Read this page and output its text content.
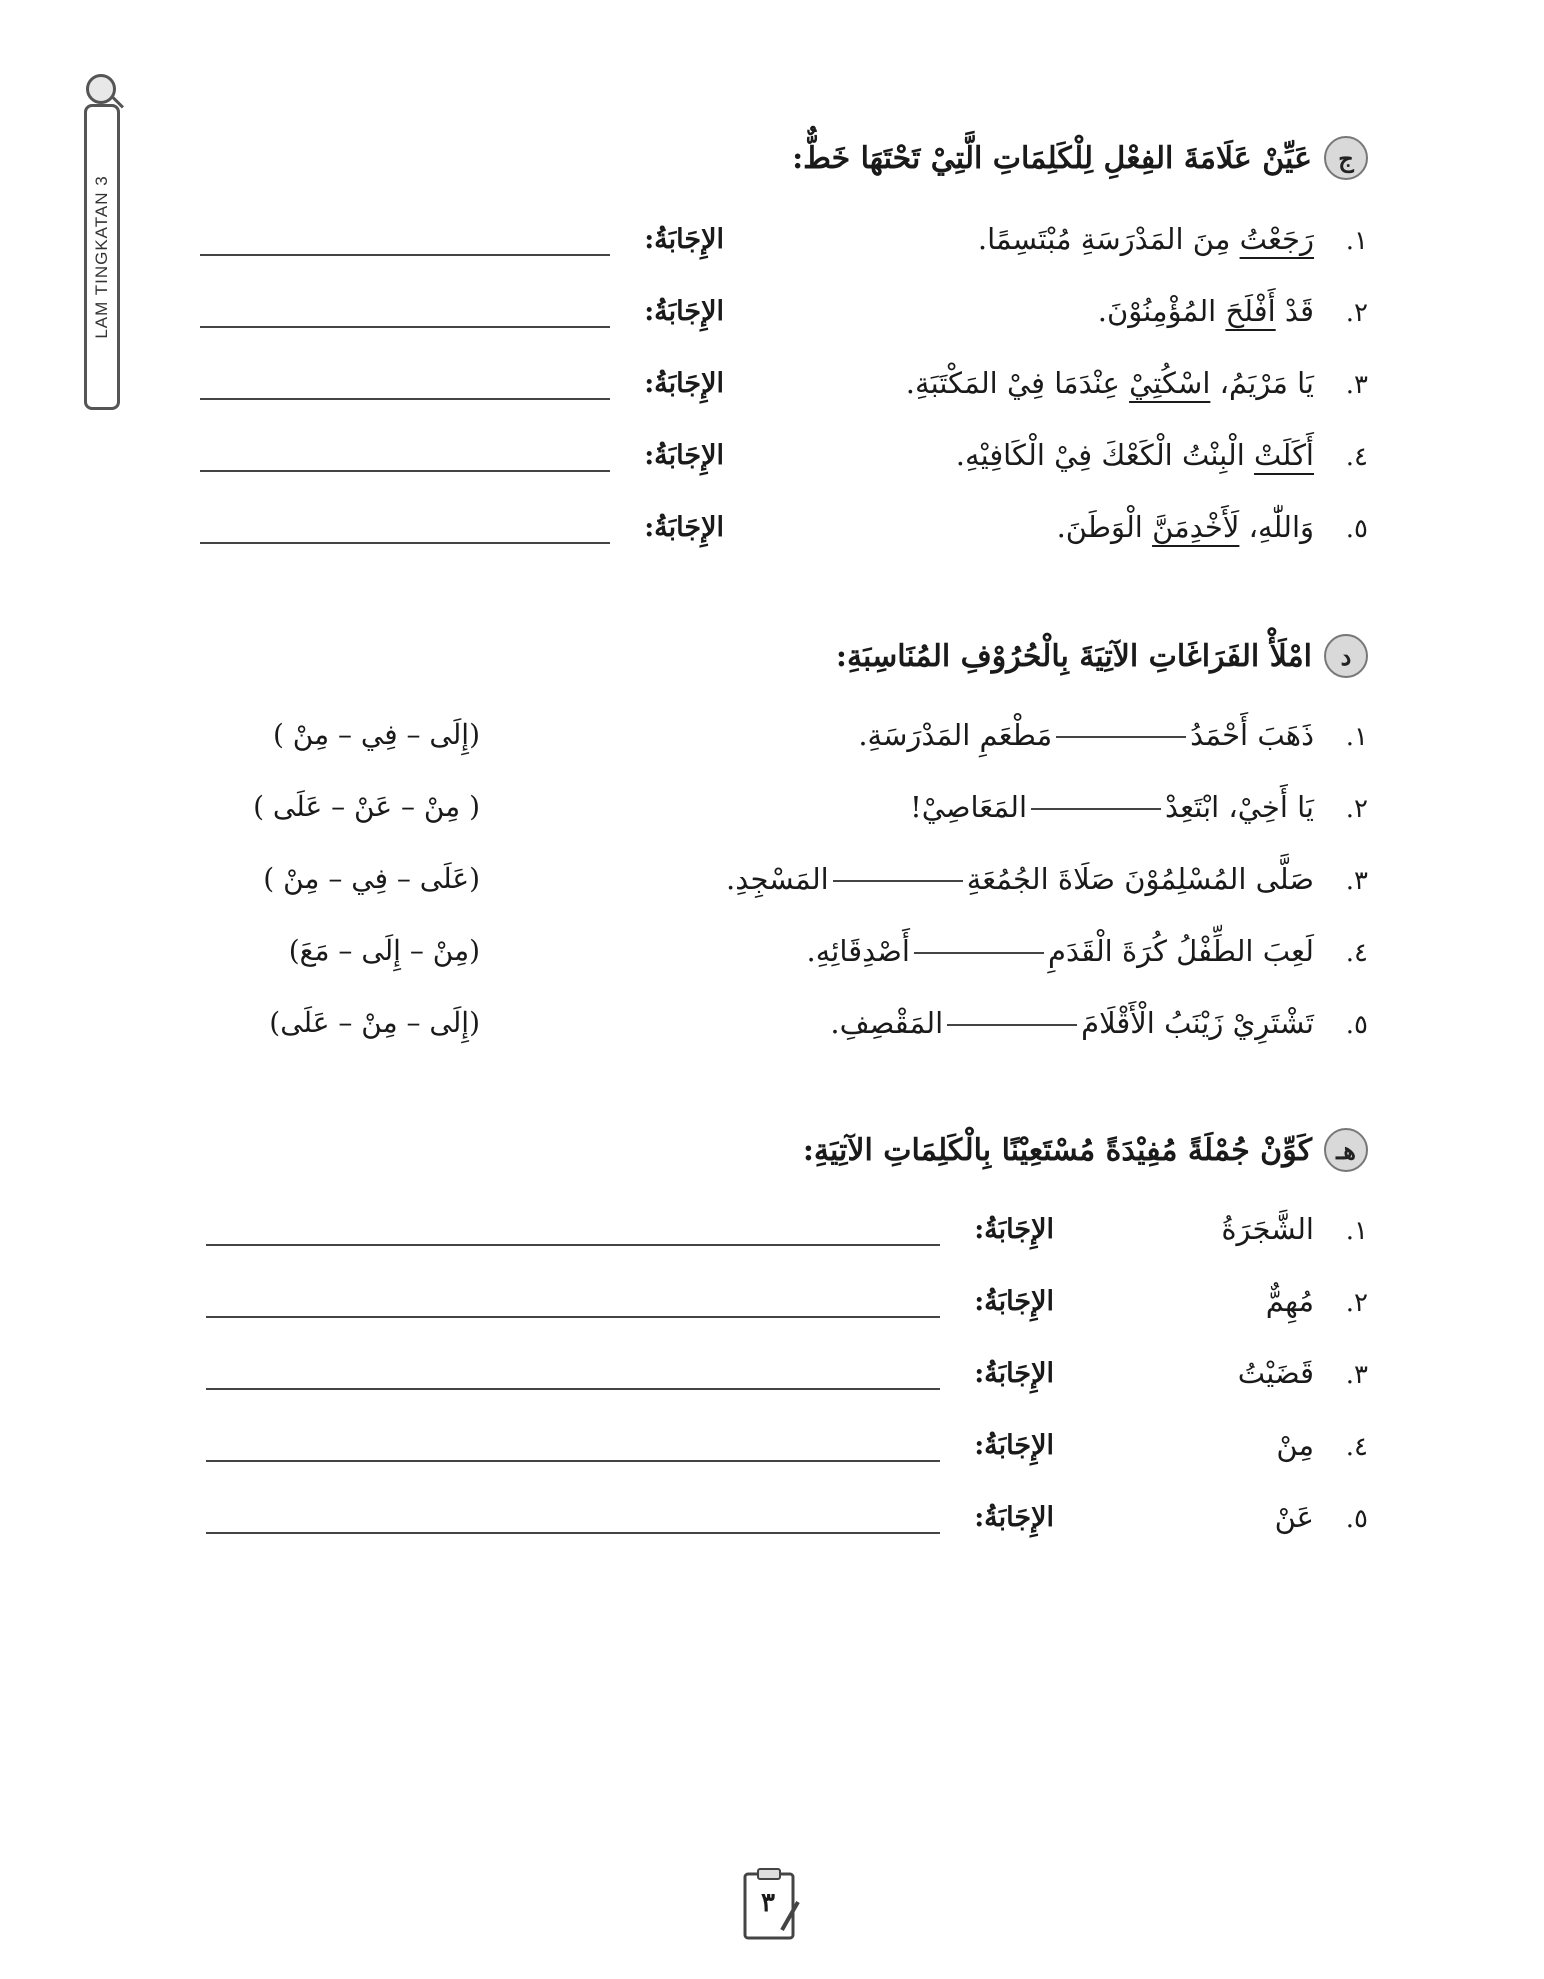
LAM TINGKATAN 3
ج
عَيِّنْ عَلَامَةَ الفِعْلِ لِلْكَلِمَاتِ الَّتِيْ تَحْتَهَا خَطٌّ:
١.
رَجَعْتُ مِنَ المَدْرَسَةِ مُبْتَسِمًا.
الإِجَابَةُ:
٢.
قَدْ أَفْلَحَ المُؤْمِنُوْنَ.
الإِجَابَةُ:
٣.
يَا مَرْيَمُ، اسْكُتِيْ عِنْدَمَا فِيْ المَكْتَبَةِ.
الإِجَابَةُ:
٤.
أَكَلَتْ الْبِنْتُ الْكَعْكَ فِيْ الْكَافِيْهِ.
الإِجَابَةُ:
٥.
وَاللّٰهِ، لَأَخْدِمَنَّ الْوَطَنَ.
الإِجَابَةُ:
د
امْلَأْ الفَرَاغَاتِ الآتِيَةَ بِالْحُرُوْفِ المُنَاسِبَةِ:
١.
ذَهَبَ أَحْمَدُمَطْعَمِ المَدْرَسَةِ.
(إِلَى – فِي – مِنْ )
٢.
يَا أَخِيْ، ابْتَعِدْالمَعَاصِيْ!
( مِنْ – عَنْ – عَلَى )
٣.
صَلَّى المُسْلِمُوْنَ صَلَاةَ الجُمُعَةِالمَسْجِدِ.
(عَلَى – فِي – مِنْ )
٤.
لَعِبَ الطِّفْلُ كُرَةَ الْقَدَمِأَصْدِقَائِهِ.
(مِنْ – إِلَى – مَعَ)
٥.
تَشْتَرِيْ زَيْنَبُ الْأَقْلَامَالمَقْصِفِ.
(إِلَى – مِنْ – عَلَى)
هـ
كَوِّنْ جُمْلَةً مُفِيْدَةً مُسْتَعِيْنًا بِالْكَلِمَاتِ الآتِيَةِ:
١.
الشَّجَرَةُ
الإِجَابَةُ:
٢.
مُهِمٌّ
الإِجَابَةُ:
٣.
قَضَيْتُ
الإِجَابَةُ:
٤.
مِنْ
الإِجَابَةُ:
٥.
عَنْ
الإِجَابَةُ:
٣
